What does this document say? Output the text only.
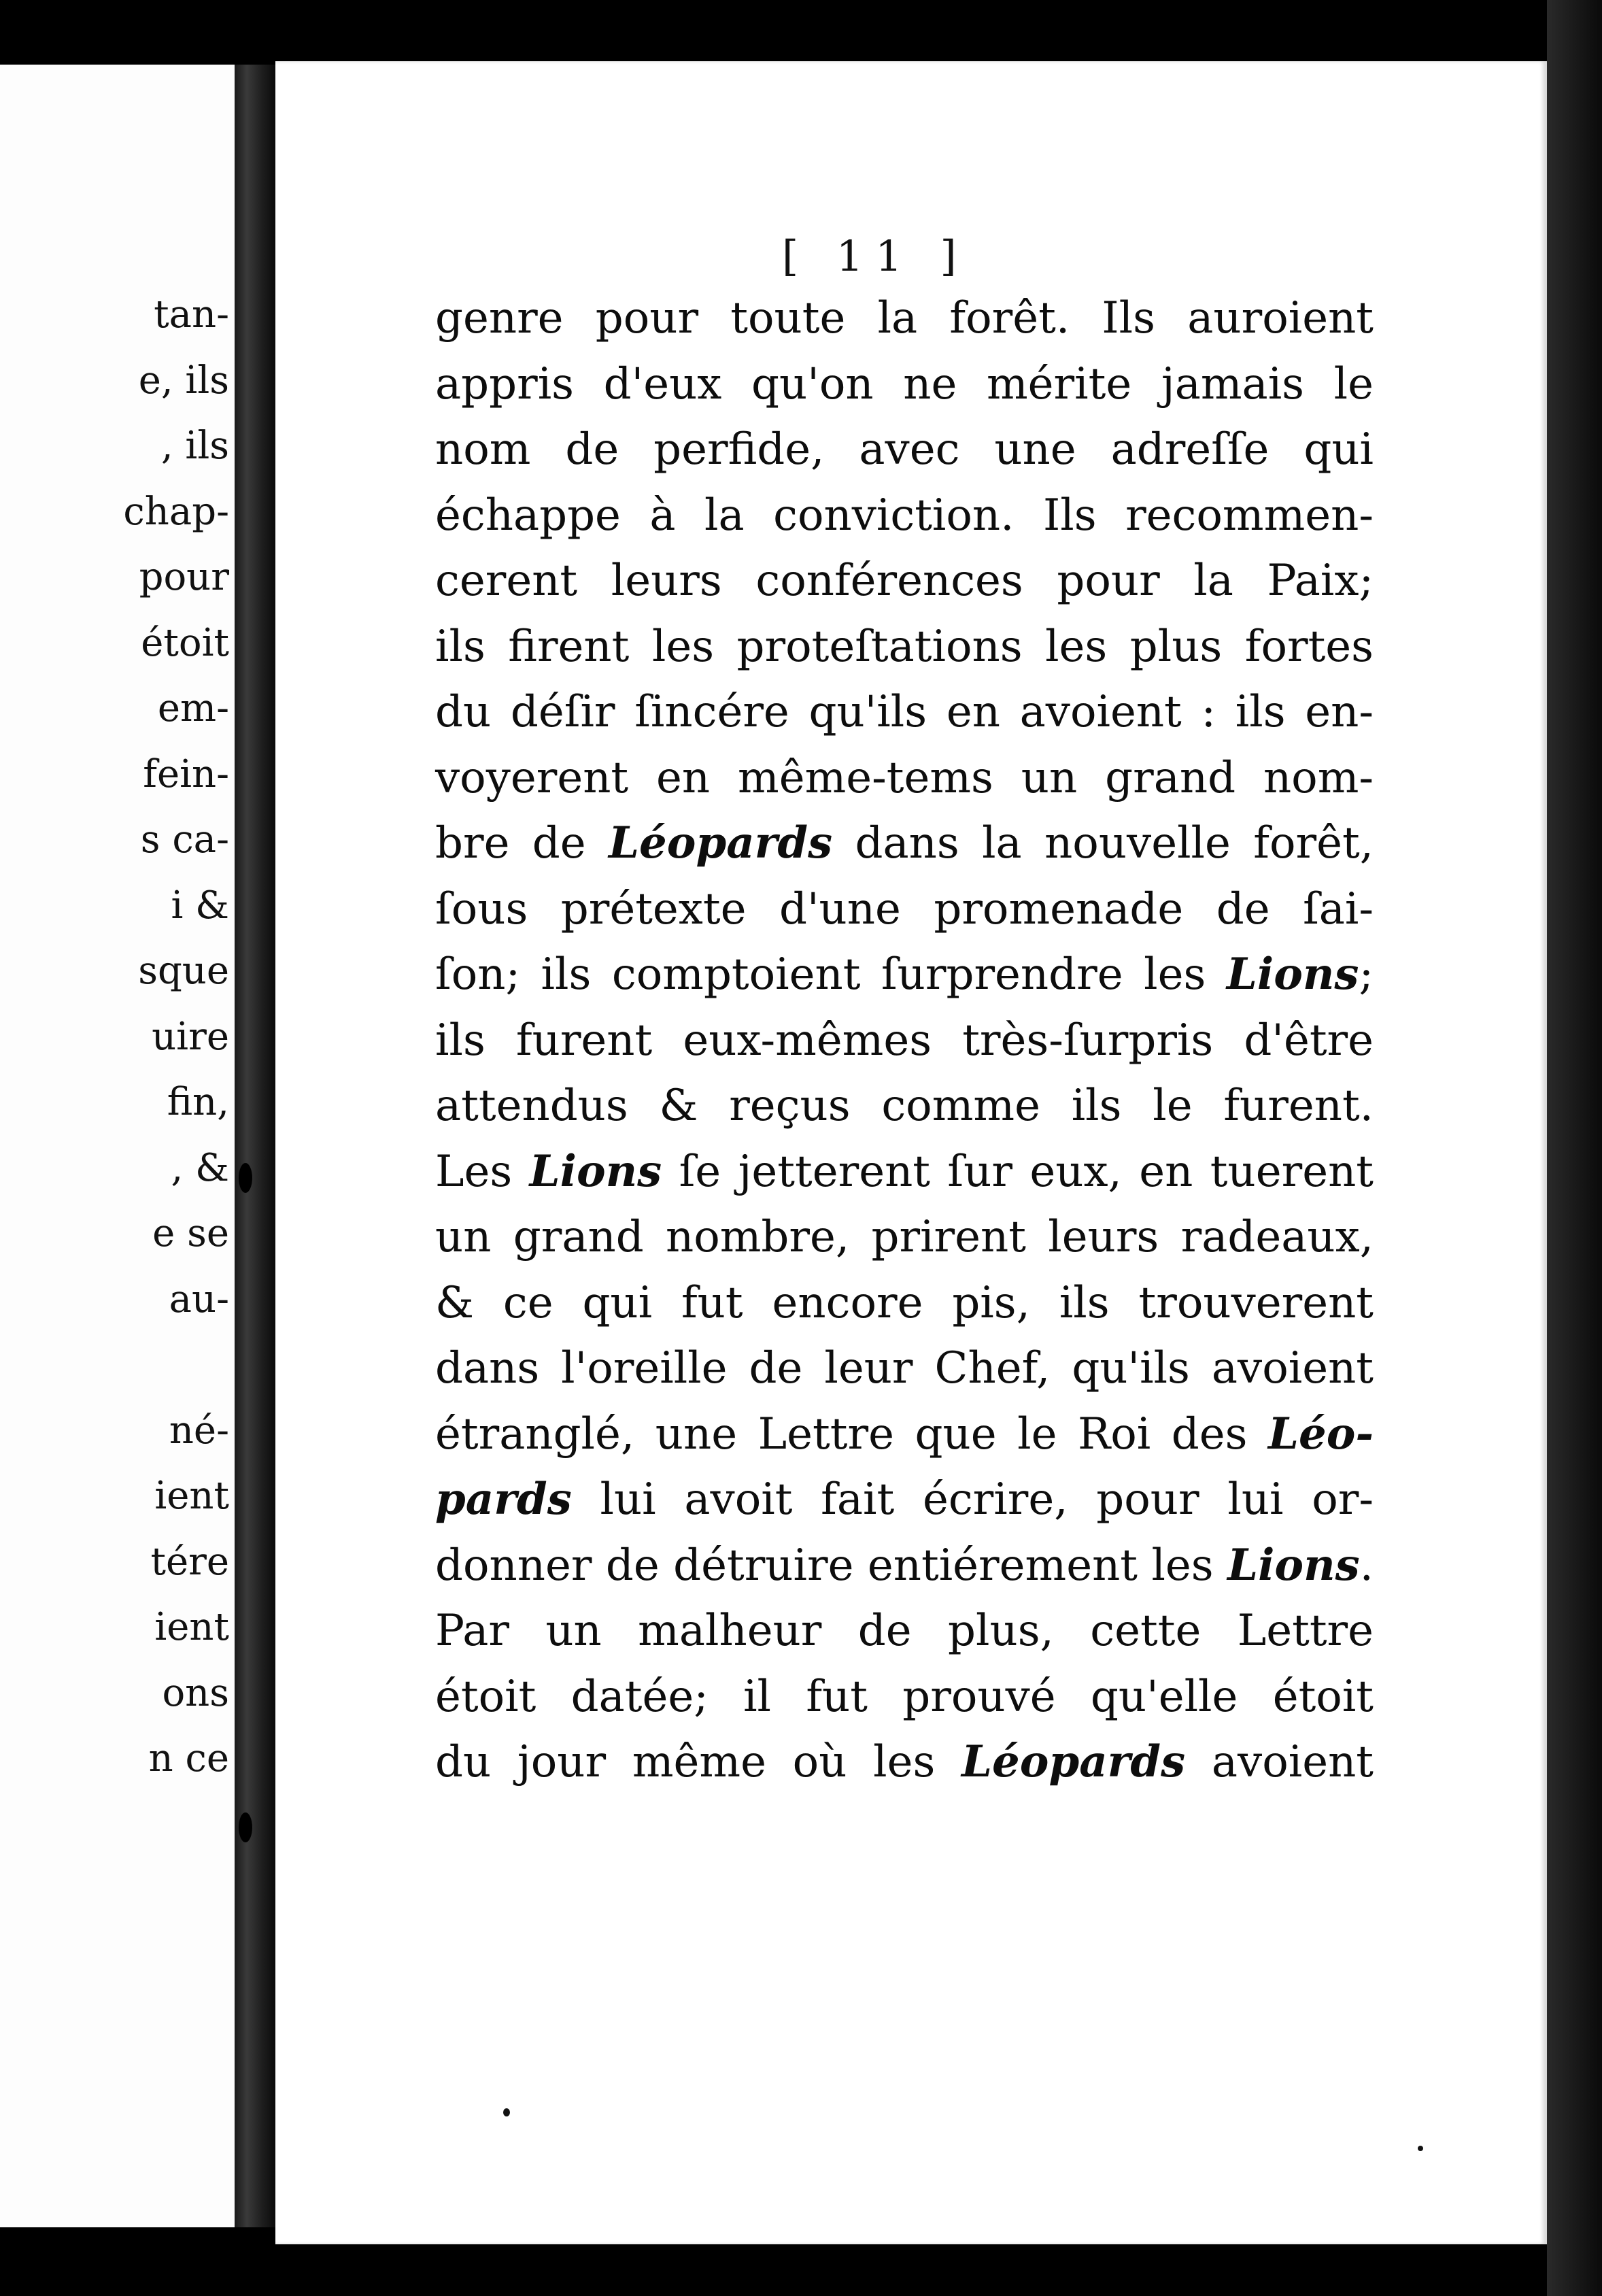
tan-
e, ils
, ils
chap-
pour
étoit
em-
fein-
s ca-
i &
sque
uire
fin,
, &
e se
au-
né-
ient
tére
ient
ons
n ce
[ 11 ]
genre pour toute la forêt. Ils auroient
appris d'eux qu'on ne mérite jamais le
nom de perfide, avec une adreſſe qui
échappe à la conviction. Ils recommen-
cerent leurs conférences pour la Paix;
ils firent les proteſtations les plus fortes
du déſir ſincére qu'ils en avoient : ils en-
voyerent en même-tems un grand nom-
bre de Léopards dans la nouvelle forêt,
ſous prétexte d'une promenade de ſai-
ſon; ils comptoient ſurprendre les Lions;
ils furent eux-mêmes très-ſurpris d'être
attendus & reçus comme ils le furent.
Les Lions ſe jetterent ſur eux, en tuerent
un grand nombre, prirent leurs radeaux,
& ce qui fut encore pis, ils trouverent
dans l'oreille de leur Chef, qu'ils avoient
étranglé, une Lettre que le Roi des Léo-
pards lui avoit fait écrire, pour lui or-
donner de détruire entiérement les Lions.
Par un malheur de plus, cette Lettre
étoit datée; il fut prouvé qu'elle étoit
du jour même où les Léopards avoient
